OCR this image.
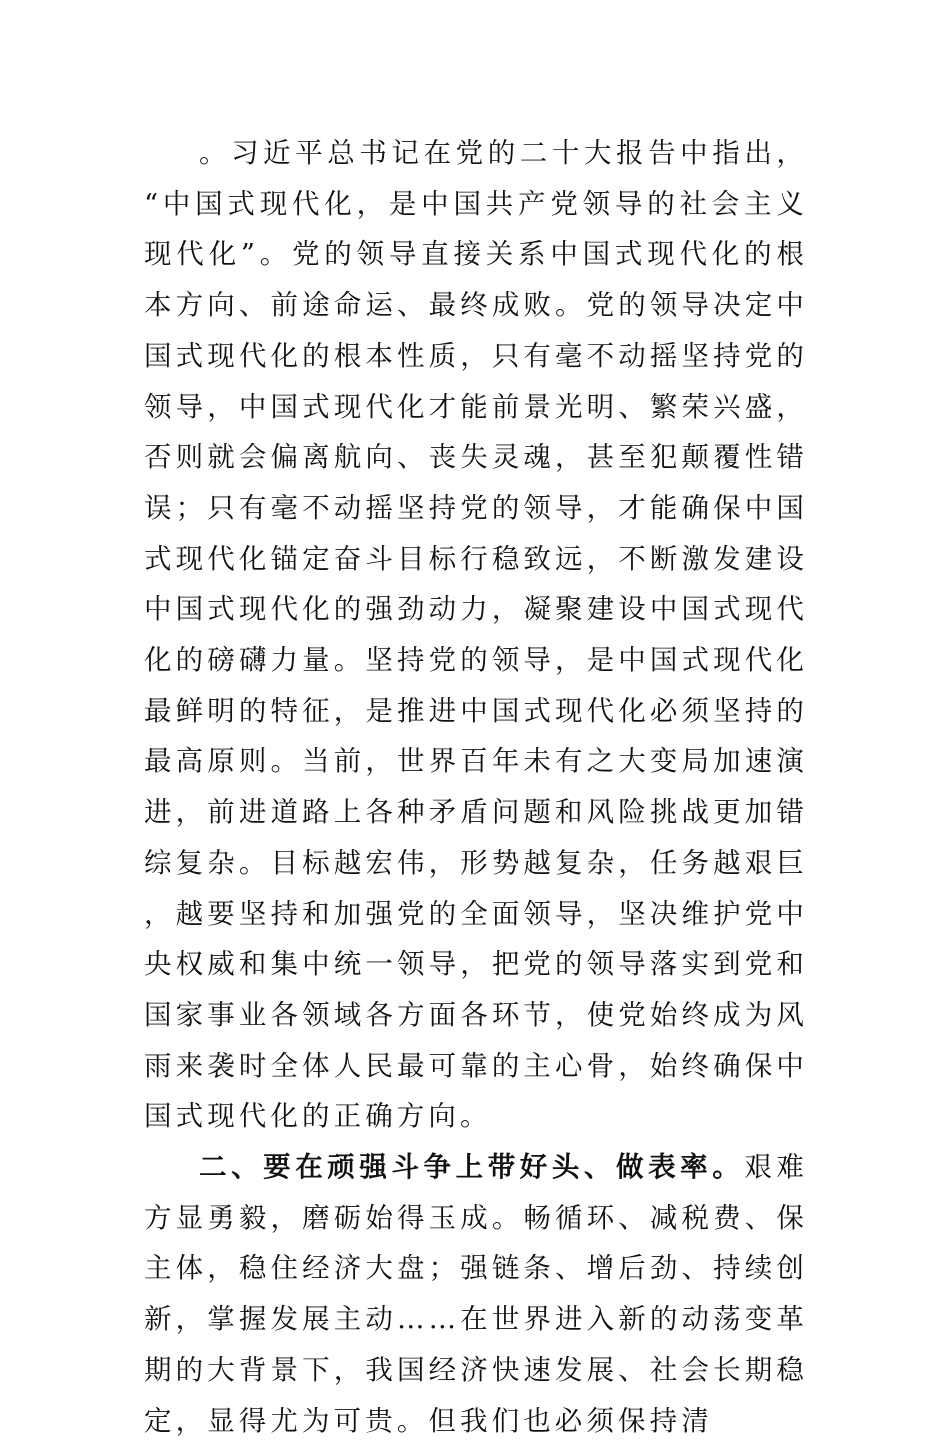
。习近平总书记在党的二十大报告中指出，“中国式现代化，是中国共产党领导的社会主义现代化”。党的领导直接关系中国式现代化的根本方向、前途命运、最终成败。党的领导决定中国式现代化的根本性质，只有毫不动摇坚持党的领导，中国式现代化才能前景光明、繁荣兴盛，否则就会偏离航向、丧失灵魂，甚至犯颠覆性错误；只有毫不动摇坚持党的领导，才能确保中国式现代化锚定奋斗目标行稳致远，不断激发建设中国式现代化的强劲动力，凝聚建设中国式现代化的磅礴力量。坚持党的领导，是中国式现代化最鲜明的特征，是推进中国式现代化必须坚持的最高原则。当前，世界百年未有之大变局加速演进，前进道路上各种矛盾问题和风险挑战更加错综复杂。目标越宏伟，形势越复杂，任务越艰巨，越要坚持和加强党的全面领导，坚决维护党中央权威和集中统一领导，把党的领导落实到党和国家事业各领域各方面各环节，使党始终成为风雨来袭时全体人民最可靠的主心骨，始终确保中国式现代化的正确方向。

二、要在顽强斗争上带好头、做表率。艰难方显勇毅，磨砺始得玉成。畅循环、减税费、保主体，稳住经济大盘；强链条、增后劲、持续创新，掌握发展主动……在世界进入新的动荡变革期的大背景下，我国经济快速发展、社会长期稳定，显得尤为可贵。但我们也必须保持清
